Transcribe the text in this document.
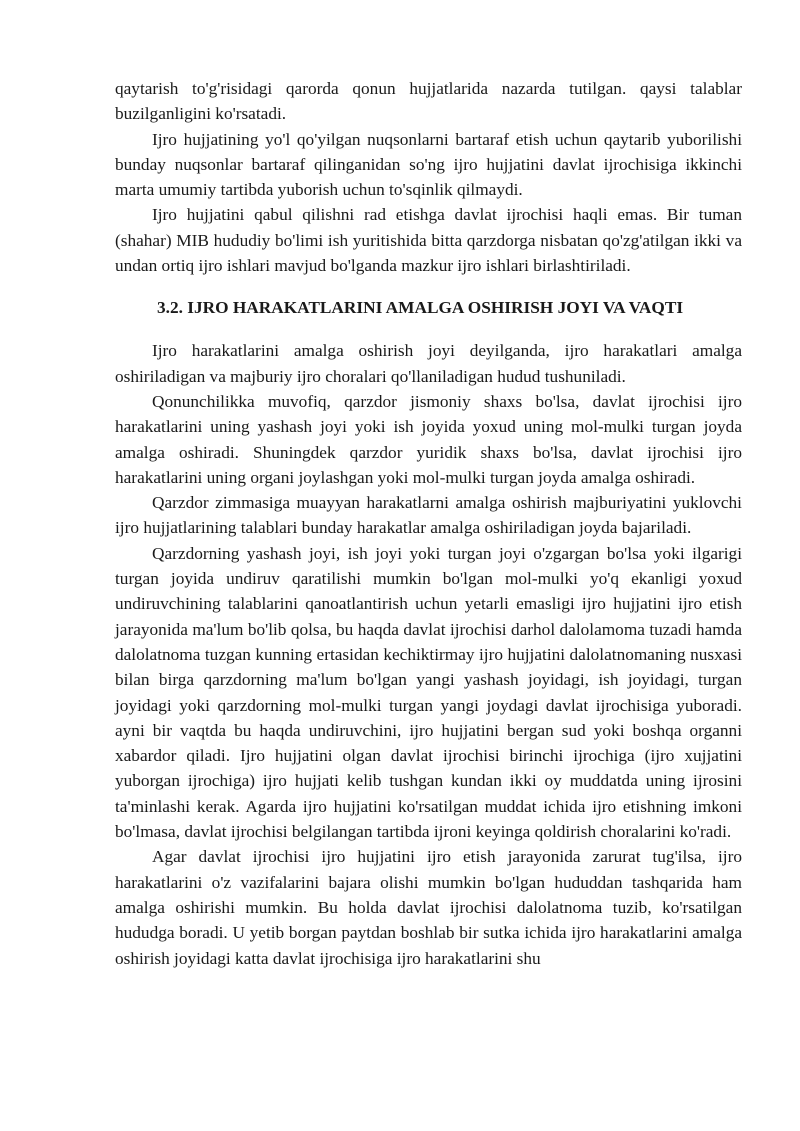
qaytarish to'g'risidagi qarorda qonun hujjatlarida nazarda tutilgan. qaysi talablar buzilganligini ko'rsatadi.

Ijro hujjatining yo'l qo'yilgan nuqsonlarni bartaraf etish uchun qaytarib yuborilishi bunday nuqsonlar bartaraf qilinganidan so'ng ijro hujjatini davlat ijrochisiga ikkinchi marta umumiy tartibda yuborish uchun to'sqinlik qilmaydi.

Ijro hujjatini qabul qilishni rad etishga davlat ijrochisi haqli emas. Bir tuman (shahar) MIB hududiy bo'limi ish yuritishida bitta qarzdorga nisbatan qo'zg'atilgan ikki va undan ortiq ijro ishlari mavjud bo'lganda mazkur ijro ishlari birlashtiriladi.

3.2. IJRO HARAKATLARINI AMALGA OSHIRISH JOYI VA VAQTI

Ijro harakatlarini amalga oshirish joyi deyilganda, ijro harakatlari amalga oshiriladigan va majburiy ijro choralari qo'llaniladigan hudud tushuniladi.

Qonunchilikka muvofiq, qarzdor jismoniy shaxs bo'lsa, davlat ijrochisi ijro harakatlarini uning yashash joyi yoki ish joyida yoxud uning mol-mulki turgan joyda amalga oshiradi. Shuningdek qarzdor yuridik shaxs bo'lsa, davlat ijrochisi ijro harakatlarini uning organi joylashgan yoki mol-mulki turgan joyda amalga oshiradi.

Qarzdor zimmasiga muayyan harakatlarni amalga oshirish majburiyatini yuklovchi ijro hujjatlarining talablari bunday harakatlar amalga oshiriladigan joyda bajariladi.

Qarzdorning yashash joyi, ish joyi yoki turgan joyi o'zgargan bo'lsa yoki ilgarigi turgan joyida undiruv qaratilishi mumkin bo'lgan mol-mulki yo'q ekanligi yoxud undiruvchining talablarini qanoatlantirish uchun yetarli emasligi ijro hujjatini ijro etish jarayonida ma'lum bo'lib qolsa, bu haqda davlat ijrochisi darhol dalolamoma tuzadi hamda dalolatnoma tuzgan kunning ertasidan kechiktirmay ijro hujjatini dalolatnomaning nusxasi bilan birga qarzdorning ma'lum bo'lgan yangi yashash joyidagi, ish joyidagi, turgan joyidagi yoki qarzdorning mol-mulki turgan yangi joydagi davlat ijrochisiga yuboradi. ayni bir vaqtda bu haqda undiruvchini, ijro hujjatini bergan sud yoki boshqa organni xabardor qiladi. Ijro hujjatini olgan davlat ijrochisi birinchi ijrochiga (ijro xujjatini yuborgan ijrochiga) ijro hujjati kelib tushgan kundan ikki oy muddatda uning ijrosini ta'minlashi kerak. Agarda ijro hujjatini ko'rsatilgan muddat ichida ijro etishning imkoni bo'lmasa, davlat ijrochisi belgilangan tartibda ijroni keyinga qoldirish choralarini ko'radi.

Agar davlat ijrochisi ijro hujjatini ijro etish jarayonida zarurat tug'ilsa, ijro harakatlarini o'z vazifalarini bajara olishi mumkin bo'lgan hududdan tashqarida ham amalga oshirishi mumkin. Bu holda davlat ijrochisi dalolatnoma tuzib, ko'rsatilgan hududga boradi. U yetib borgan paytdan boshlab bir sutka ichida ijro harakatlarini amalga oshirish joyidagi katta davlat ijrochisiga ijro harakatlarini shu
